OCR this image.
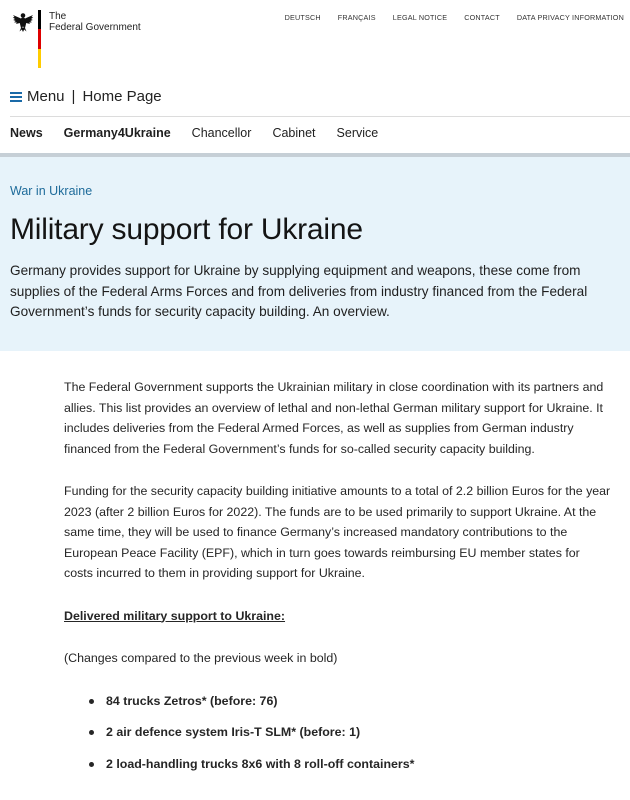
The
Federal Government
DEUTSCH FRANÇAIS LEGAL NOTICE CONTACT DATA PRIVACY INFORMATION
Menu | Home Page
News Germany4Ukraine Chancellor Cabinet Service
War in Ukraine
Military support for Ukraine

Germany provides support for Ukraine by supplying equipment and weapons, these come from supplies of the Federal Arms Forces and from deliveries from industry financed from the Federal Government’s funds for security capacity building. An overview.

The Federal Government supports the Ukrainian military in close coordination with its partners and allies. This list provides an overview of lethal and non-lethal German military support for Ukraine. It includes deliveries from the Federal Armed Forces, as well as supplies from German industry financed from the Federal Government’s funds for so-called security capacity building.

Funding for the security capacity building initiative amounts to a total of 2.2 billion Euros for the year 2023 (after 2 billion Euros for 2022). The funds are to be used primarily to support Ukraine. At the same time, they will be used to finance Germany’s increased mandatory contributions to the European Peace Facility (EPF), which in turn goes towards reimbursing EU member states for costs incurred to them in providing support for Ukraine.

Delivered military support to Ukraine:

(Changes compared to the previous week in bold)

84 trucks Zetros* (before: 76)
2 air defence system Iris-T SLM* (before: 1)
2 load-handling trucks 8x6 with 8 roll-off containers*
